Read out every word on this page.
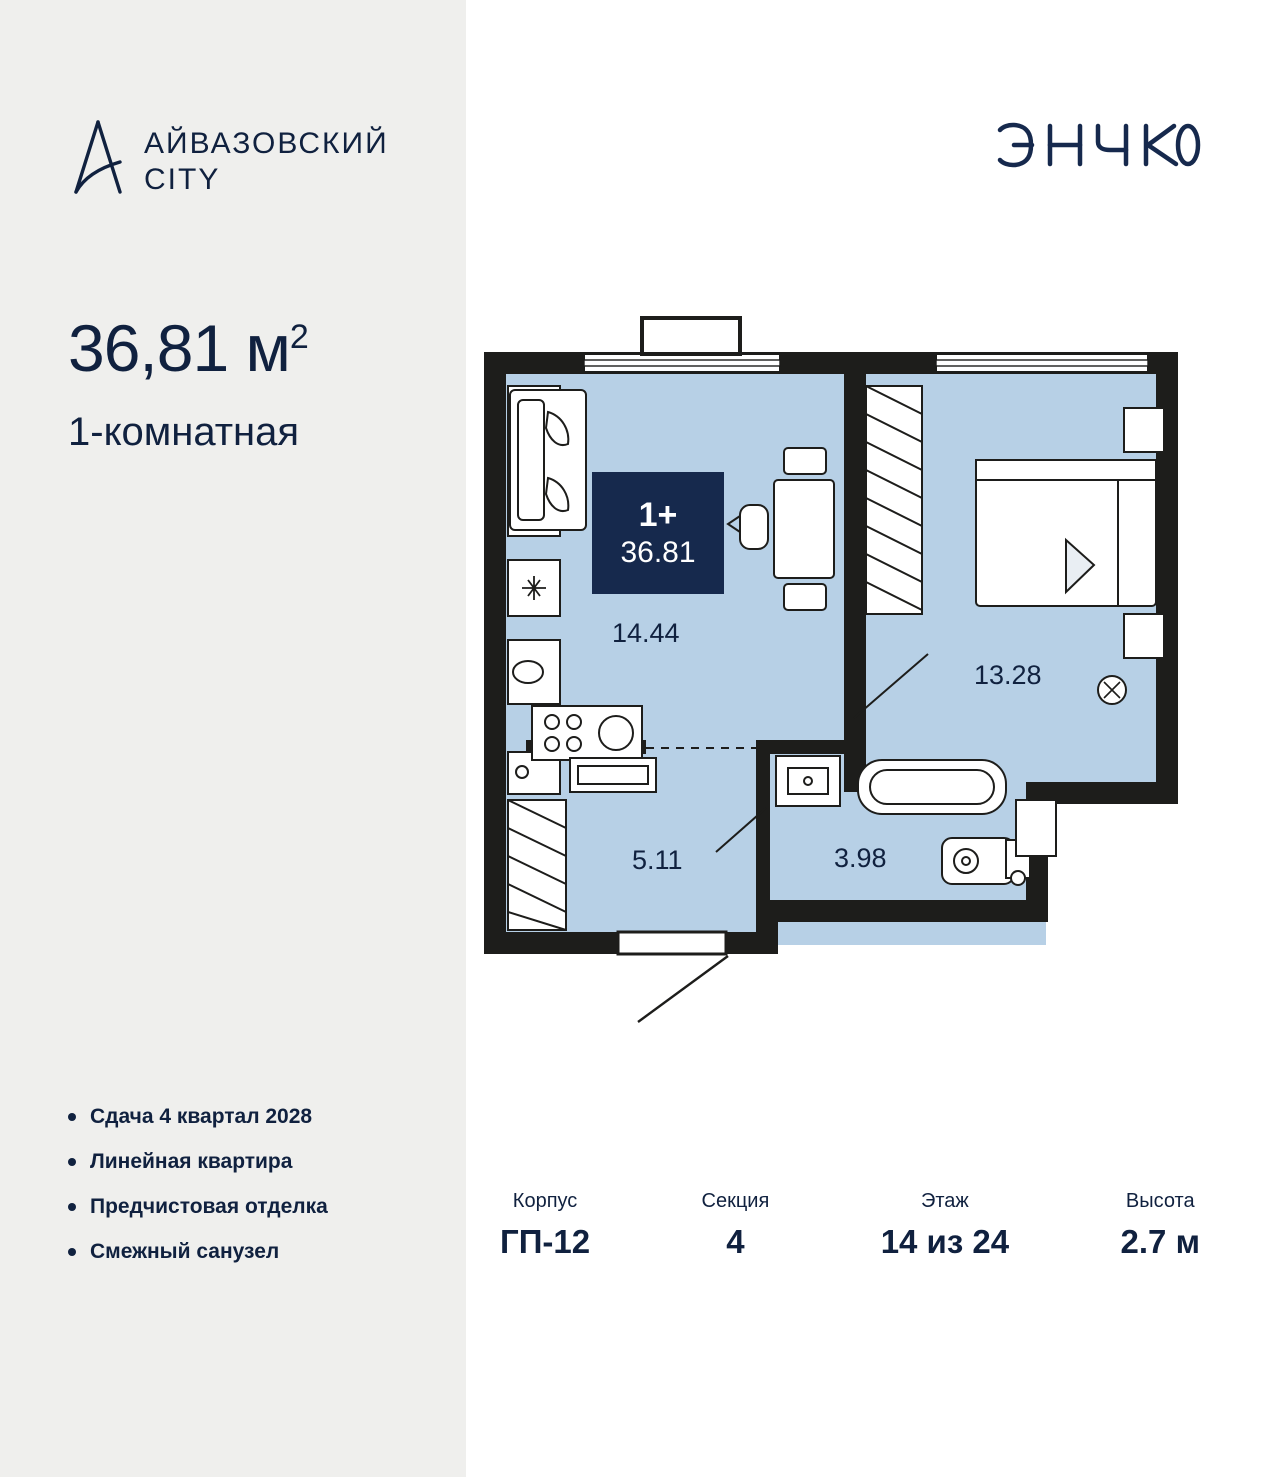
АЙВАЗОВСКИЙ
CITY
36,81 $м^2$
1-комнатная
Сдача 4 квартал 2028
Линейная квартира
Предчистовая отделка
Смежный санузел
1+
36.81
14.44
13.28
5.11	3.98
Корпус
ГП-12
Секция
4
Этаж
14 из 24
Высота
2.7 м
